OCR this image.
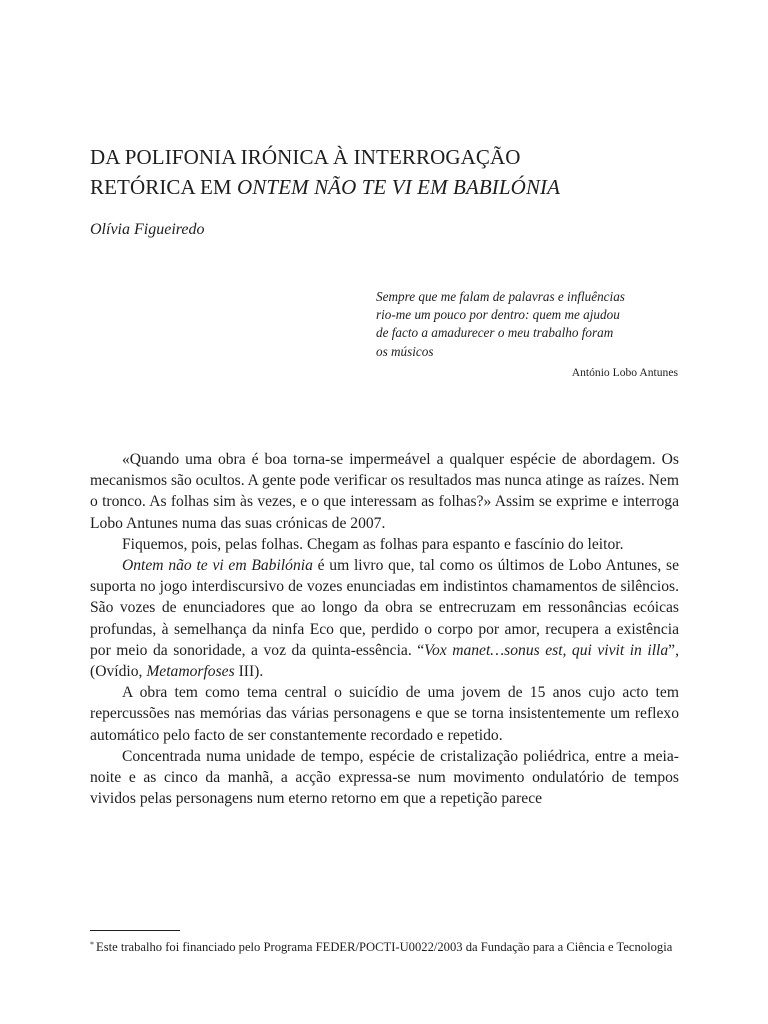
DA POLIFONIA IRÓNICA À INTERROGAÇÃO
RETÓRICA EM ONTEM NÃO TE VI EM BABILÓNIA
Olívia Figueiredo
Sempre que me falam de palavras e influências
rio-me um pouco por dentro: quem me ajudou
de facto a amadurecer o meu trabalho foram
os músicos
António Lobo Antunes

«Quando uma obra é boa torna-se impermeável a qualquer espécie de abordagem. Os mecanismos são ocultos. A gente pode verificar os resultados mas nunca atinge as raízes. Nem o tronco. As folhas sim às vezes, e o que interessam as folhas?» Assim se exprime e interroga Lobo Antunes numa das suas crónicas de 2007.

Fiquemos, pois, pelas folhas. Chegam as folhas para espanto e fascínio do leitor.

Ontem não te vi em Babilónia é um livro que, tal como os últimos de Lobo Antunes, se suporta no jogo interdiscursivo de vozes enunciadas em indistintos chamamentos de silêncios. São vozes de enunciadores que ao longo da obra se entrecruzam em ressonâncias ecóicas profundas, à semelhança da ninfa Eco que, perdido o corpo por amor, recupera a existência por meio da sonoridade, a voz da quinta-essência. “Vox manet…sonus est, qui vivit in illa”, (Ovídio, Metamorfoses III).

A obra tem como tema central o suicídio de uma jovem de 15 anos cujo acto tem repercussões nas memórias das várias personagens e que se torna insistentemente um reflexo automático pelo facto de ser constantemente recordado e repetido.

Concentrada numa unidade de tempo, espécie de cristalização poliédrica, entre a meia-noite e as cinco da manhã, a acção expressa-se num movimento ondulatório de tempos vividos pelas personagens num eterno retorno em que a repetição parece

* Este trabalho foi financiado pelo Programa FEDER/POCTI-U0022/2003 da Fundação para a Ciência e Tecnologia
